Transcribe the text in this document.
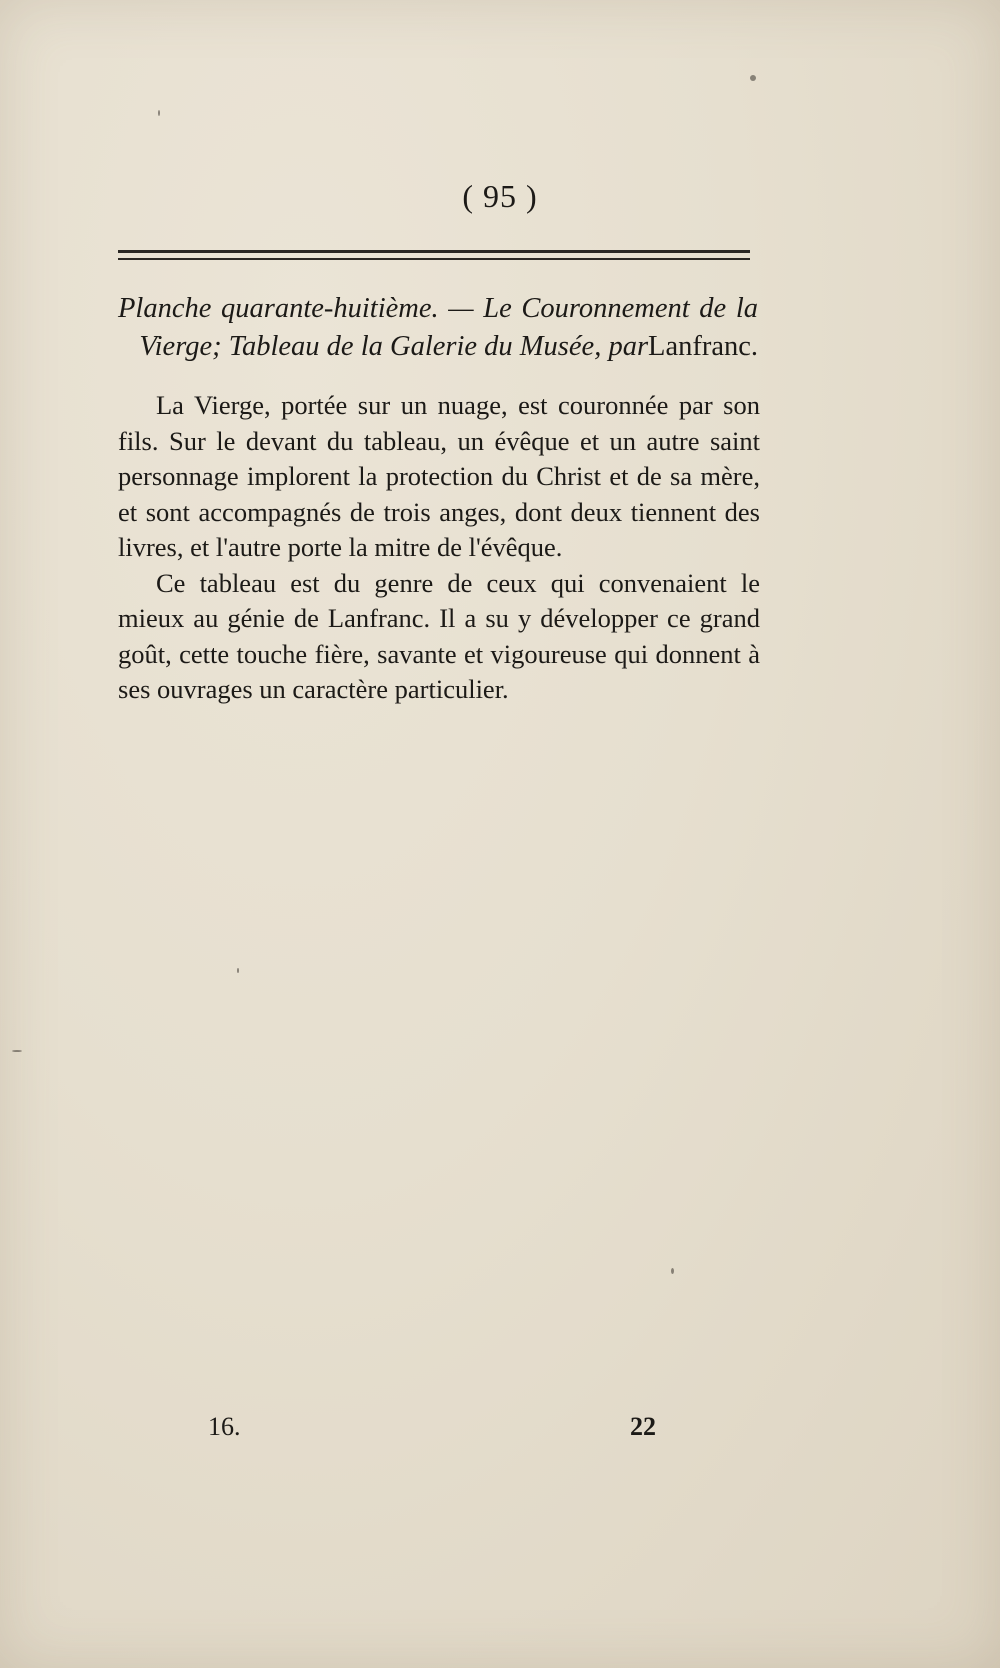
( 95 )
Planche quarante-huitième. — Le Couronnement de la
Vierge; Tableau de la Galerie du Musée, parLanfranc.

La Vierge, portée sur un nuage, est couronnée par son fils. Sur le devant du tableau, un évêque et un autre saint personnage implorent la protection du Christ et de sa mère, et sont accompagnés de trois anges, dont deux tiennent des livres, et l'autre porte la mitre de l'évêque.

Ce tableau est du genre de ceux qui convenaient le mieux au génie de Lanfranc. Il a su y développer ce grand goût, cette touche fière, savante et vigoureuse qui donnent à ses ouvrages un caractère particulier.

16.	22
